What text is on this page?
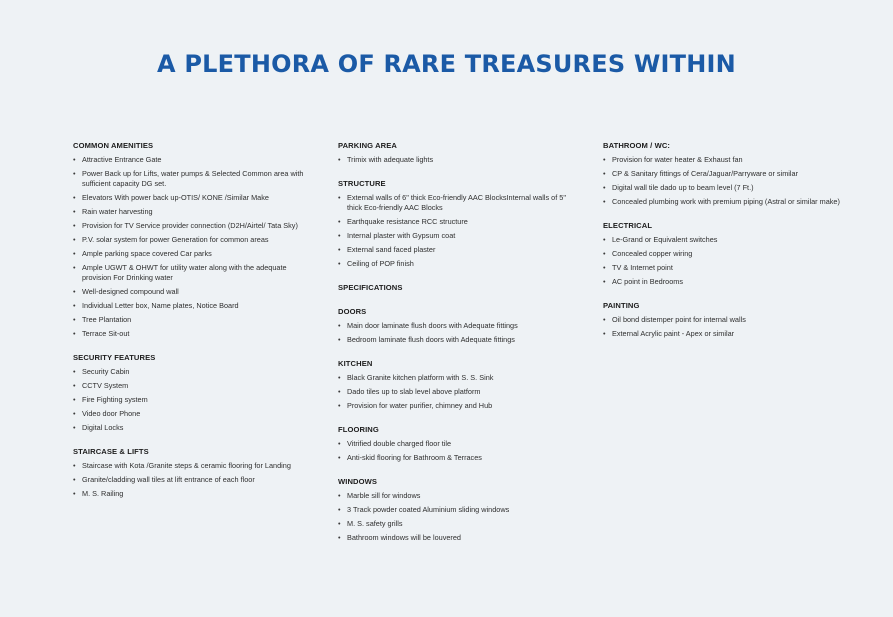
A PLETHORA OF RARE TREASURES WITHIN
COMMON AMENITIES
• Attractive Entrance Gate
• Power Back up for Lifts, water pumps & Selected Common area with sufficient capacity DG set.
• Elevators With power back up-OTIS/ KONE /Similar Make
• Rain water harvesting
• Provision for TV Service provider connection (D2H/Airtel/ Tata Sky)
• P.V. solar system for power Generation for common areas
• Ample parking space covered Car parks
• Ample UGWT & OHWT for utility water along with the adequate provision For Drinking water
• Well-designed compound wall
• Individual Letter box, Name plates, Notice Board
• Tree Plantation
• Terrace Sit-out
SECURITY FEATURES
• Security Cabin
• CCTV System
• Fire Fighting system
• Video door Phone
• Digital Locks
STAIRCASE & LIFTS
• Staircase with Kota /Granite steps & ceramic flooring for Landing
• Granite/cladding wall tiles at lift entrance of each floor
• M. S. Railing
PARKING AREA
• Trimix with adequate lights
STRUCTURE
• External walls of 6" thick Eco-friendly AAC BlocksInternal walls of 5" thick Eco-friendly AAC Blocks
• Earthquake resistance RCC structure
• Internal plaster with Gypsum coat
• External sand faced plaster
• Ceiling of POP finish
SPECIFICATIONS
DOORS
• Main door laminate flush doors with Adequate fittings
• Bedroom laminate flush doors with Adequate fittings
KITCHEN
• Black Granite kitchen platform with S. S. Sink
• Dado tiles up to slab level above platform
• Provision for water purifier, chimney and Hub
FLOORING
• Vitrified double charged floor tile
• Anti-skid flooring for Bathroom & Terraces
WINDOWS
• Marble sill for windows
• 3 Track powder coated Aluminium sliding windows
• M. S. safety grills
• Bathroom windows will be louvered
BATHROOM / WC:
• Provision for water heater & Exhaust fan
• CP & Sanitary fittings of Cera/Jaguar/Parryware or similar
• Digital wall tile dado up to beam level (7 Ft.)
• Concealed plumbing work with premium piping (Astral or similar make)
ELECTRICAL
• Le-Grand or Equivalent switches
• Concealed copper wiring
• TV & Internet point
• AC point in Bedrooms
PAINTING
• Oil bond distemper point for internal walls
• External Acrylic paint - Apex or similar
